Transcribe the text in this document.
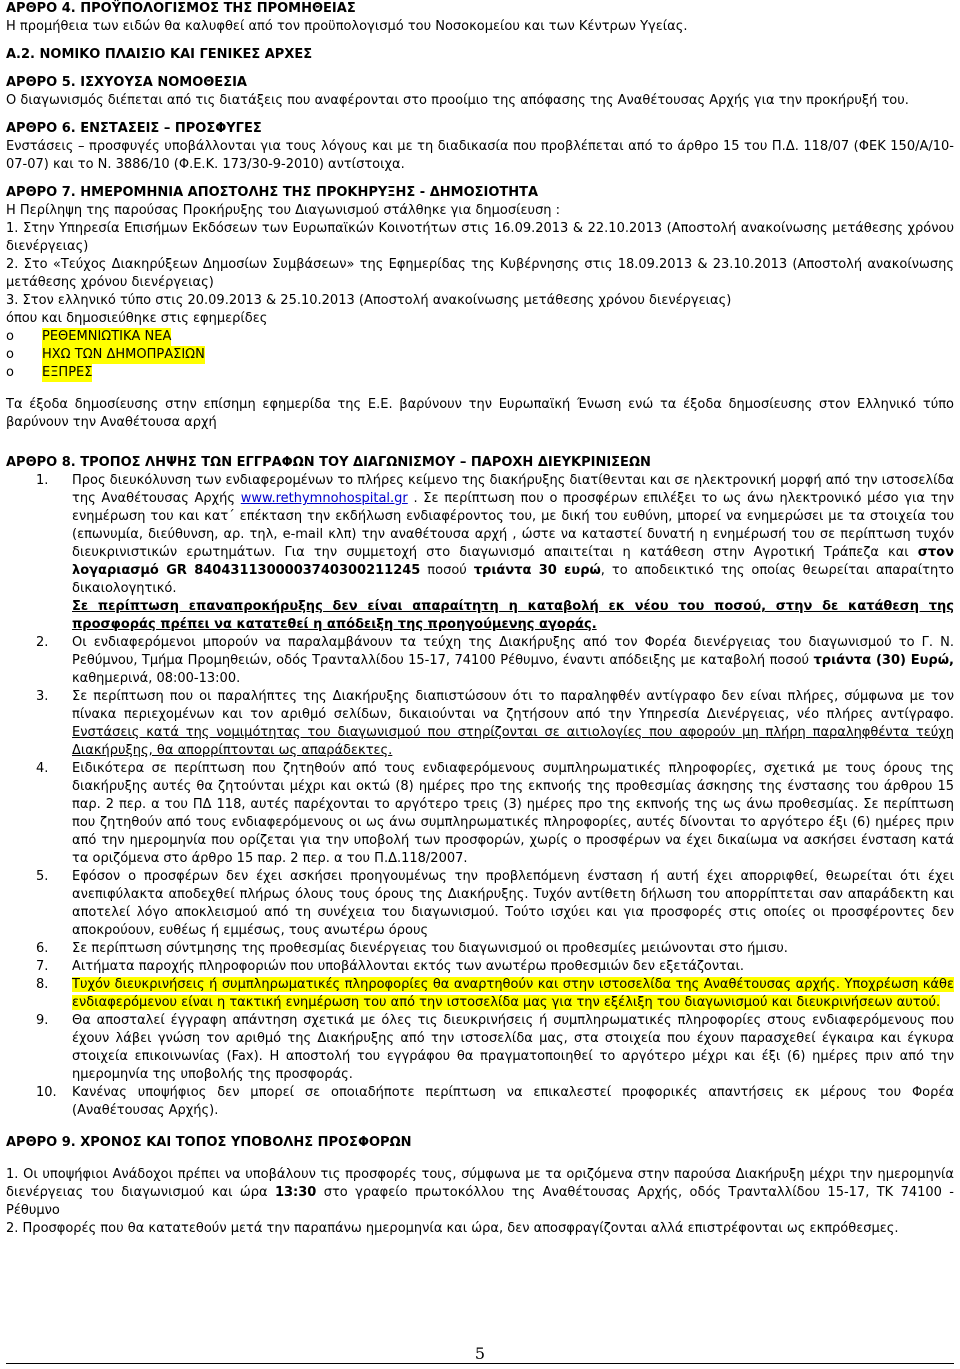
ΑΡΘΡΟ 4. ΠΡΟΫΠΟΛΟΓΙΣΜΟΣ ΤΗΣ ΠΡΟΜΗΘΕΙΑΣ

Η προμήθεια των ειδών θα καλυφθεί από τον προϋπολογισμό του Νοσοκομείου και των Κέντρων Υγείας.

Α.2. ΝΟΜΙΚΟ ΠΛΑΙΣΙΟ ΚΑΙ ΓΕΝΙΚΕΣ ΑΡΧΕΣ

ΑΡΘΡΟ 5. ΙΣΧΥΟΥΣΑ ΝΟΜΟΘΕΣΙΑ

Ο διαγωνισμός διέπεται από τις διατάξεις που αναφέρονται στο προοίμιο της απόφασης της Αναθέτουσας Αρχής για την προκήρυξή του.

ΑΡΘΡΟ 6. ΕΝΣΤΑΣΕΙΣ – ΠΡΟΣΦΥΓΕΣ

Ενστάσεις – προσφυγές υποβάλλονται για τους λόγους και με τη διαδικασία που προβλέπεται από το άρθρο 15 του Π.Δ. 118/07 (ΦΕΚ 150/Α/10-07-07) και το Ν. 3886/10 (Φ.Ε.Κ. 173/30-9-2010) αντίστοιχα.

ΑΡΘΡΟ 7. ΗΜΕΡΟΜΗΝΙΑ ΑΠΟΣΤΟΛΗΣ ΤΗΣ ΠΡΟΚΗΡΥΞΗΣ - ΔΗΜΟΣΙΟΤΗΤΑ

Η Περίληψη της παρούσας Προκήρυξης του Διαγωνισμού στάλθηκε για δημοσίευση :

1. Στην Υπηρεσία Επισήμων Εκδόσεων των Ευρωπαϊκών Κοινοτήτων στις 16.09.2013 & 22.10.2013 (Αποστολή ανακοίνωσης μετάθεσης χρόνου διενέργειας)

2. Στο «Τεύχος Διακηρύξεων Δημοσίων Συμβάσεων» της Εφημερίδας της Κυβέρνησης στις 18.09.2013 & 23.10.2013 (Αποστολή ανακοίνωσης μετάθεσης χρόνου διενέργειας)

3. Στον ελληνικό τύπο στις 20.09.2013 & 25.10.2013 (Αποστολή ανακοίνωσης μετάθεσης χρόνου διενέργειας)

όπου και δημοσιεύθηκε στις εφημερίδες

o	ΡΕΘΕΜΝΙΩΤΙΚΑ ΝΕΑ
o	ΗΧΩ ΤΩΝ ΔΗΜΟΠΡΑΣΙΩΝ
o	ΕΞΠΡΕΣ

Τα έξοδα δημοσίευσης στην επίσημη εφημερίδα της Ε.Ε. βαρύνουν την Ευρωπαϊκή Ένωση ενώ τα έξοδα δημοσίευσης στον Ελληνικό τύπο βαρύνουν την Αναθέτουσα αρχή

ΑΡΘΡΟ 8. ΤΡΟΠΟΣ ΛΗΨΗΣ ΤΩΝ ΕΓΓΡΑΦΩΝ ΤΟΥ ΔΙΑΓΩΝΙΣΜΟΥ – ΠΑΡΟΧΗ ΔΙΕΥΚΡΙΝΙΣΕΩΝ

1.	Προς διευκόλυνση των ενδιαφερομένων το πλήρες κείμενο της διακήρυξης διατίθενται και σε ηλεκτρονική μορφή από την ιστοσελίδα της Αναθέτουσας Αρχής www.rethymnohospital.gr . Σε περίπτωση που ο προσφέρων επιλέξει το ως άνω ηλεκτρονικό μέσο για την ενημέρωση του και κατ΄ επέκταση την εκδήλωση ενδιαφέροντος του, με δική του ευθύνη, μπορεί να ενημερώσει με τα στοιχεία του (επωνυμία, διεύθυνση, αρ. τηλ, e-mail κλπ) την αναθέτουσα αρχή , ώστε να καταστεί δυνατή η ενημέρωσή του σε περίπτωση τυχόν διευκρινιστικών ερωτημάτων. Για την συμμετοχή στο διαγωνισμό απαιτείται η κατάθεση στην Αγροτική Τράπεζα και στον λογαριασμό GR 8404311300003740300211245 ποσού τριάντα 30 ευρώ, το αποδεικτικό της οποίας θεωρείται απαραίτητο δικαιολογητικό.
Σε περίπτωση επαναπροκήρυξης δεν είναι απαραίτητη η καταβολή εκ νέου του ποσού, στην δε κατάθεση της προσφοράς πρέπει να κατατεθεί η απόδειξη της προηγούμενης αγοράς.
2.	Οι ενδιαφερόμενοι μπορούν να παραλαμβάνουν τα τεύχη της Διακήρυξης από τον Φορέα διενέργειας του διαγωνισμού το Γ. Ν. Ρεθύμνου, Τμήμα Προμηθειών, οδός Τρανταλλίδου 15-17, 74100 Ρέθυμνο, έναντι απόδειξης με καταβολή ποσού τριάντα (30) Ευρώ, καθημερινά, 08:00-13:00.
3.	Σε περίπτωση που οι παραλήπτες της Διακήρυξης διαπιστώσουν ότι το παραληφθέν αντίγραφο δεν είναι πλήρες, σύμφωνα με τον πίνακα περιεχομένων και τον αριθμό σελίδων, δικαιούνται να ζητήσουν από την Υπηρεσία Διενέργειας, νέο πλήρες αντίγραφο. Ενστάσεις κατά της νομιμότητας του διαγωνισμού που στηρίζονται σε αιτιολογίες που αφορούν μη πλήρη παραληφθέντα τεύχη Διακήρυξης, θα απορρίπτονται ως απαράδεκτες.
4.	Ειδικότερα σε περίπτωση που ζητηθούν από τους ενδιαφερόμενους συμπληρωματικές πληροφορίες, σχετικά με τους όρους της διακήρυξης αυτές θα ζητούνται μέχρι και οκτώ (8) ημέρες προ της εκπνοής της προθεσμίας άσκησης της ένστασης του άρθρου 15 παρ. 2 περ. α του ΠΔ 118, αυτές παρέχονται το αργότερο τρεις (3) ημέρες προ της εκπνοής της ως άνω προθεσμίας. Σε περίπτωση που ζητηθούν από τους ενδιαφερόμενους οι ως άνω συμπληρωματικές πληροφορίες, αυτές δίνονται το αργότερο έξι (6) ημέρες πριν από την ημερομηνία που ορίζεται για την υποβολή των προσφορών, χωρίς ο προσφέρων να έχει δικαίωμα να ασκήσει ένσταση κατά τα οριζόμενα στο άρθρο 15 παρ. 2 περ. α του Π.Δ.118/2007.
5.	Εφόσον ο προσφέρων δεν έχει ασκήσει προηγουμένως την προβλεπόμενη ένσταση ή αυτή έχει απορριφθεί, θεωρείται ότι έχει ανεπιφύλακτα αποδεχθεί πλήρως όλους τους όρους της Διακήρυξης. Τυχόν αντίθετη δήλωση του απορρίπτεται σαν απαράδεκτη και αποτελεί λόγο αποκλεισμού από τη συνέχεια του διαγωνισμού. Τούτο ισχύει και για προσφορές στις οποίες οι προσφέροντες δεν αποκρούουν, ευθέως ή εμμέσως, τους ανωτέρω όρους
6.	Σε περίπτωση σύντμησης της προθεσμίας διενέργειας του διαγωνισμού οι προθεσμίες μειώνονται στο ήμισυ.
7.	Αιτήματα παροχής πληροφοριών που υποβάλλονται εκτός των ανωτέρω προθεσμιών δεν εξετάζονται.
8.	Τυχόν διευκρινήσεις ή συμπληρωματικές πληροφορίες θα αναρτηθούν και στην ιστοσελίδα της Αναθέτουσας αρχής. Υποχρέωση κάθε ενδιαφερόμενου είναι η τακτική ενημέρωση του από την ιστοσελίδα μας για την εξέλιξη του διαγωνισμού και διευκρινήσεων αυτού.
9.	Θα αποσταλεί έγγραφη απάντηση σχετικά με όλες τις διευκρινήσεις ή συμπληρωματικές πληροφορίες στους ενδιαφερόμενους που έχουν λάβει γνώση τον αριθμό της Διακήρυξης από την ιστοσελίδα μας, στα στοιχεία που έχουν παρασχεθεί έγκαιρα και έγκυρα στοιχεία επικοινωνίας (Fax). Η αποστολή του εγγράφου θα πραγματοποιηθεί το αργότερο μέχρι και έξι (6) ημέρες πριν από την ημερομηνία της υποβολής της προσφοράς.
10.	Κανένας υποψήφιος δεν μπορεί σε οποιαδήποτε περίπτωση να επικαλεστεί προφορικές απαντήσεις εκ μέρους του Φορέα (Αναθέτουσας Αρχής).

ΑΡΘΡΟ 9. ΧΡΟΝΟΣ ΚΑΙ ΤΟΠΟΣ ΥΠΟΒΟΛΗΣ ΠΡΟΣΦΟΡΩΝ

1. Οι υποψήφιοι Ανάδοχοι πρέπει να υποβάλουν τις προσφορές τους, σύμφωνα με τα οριζόμενα στην παρούσα Διακήρυξη μέχρι την ημερομηνία διενέργειας του διαγωνισμού και ώρα 13:30 στο γραφείο πρωτοκόλλου της Αναθέτουσας Αρχής, οδός Τρανταλλίδου 15-17, ΤΚ 74100 - Ρέθυμνο

2. Προσφορές που θα κατατεθούν μετά την παραπάνω ημερομηνία και ώρα, δεν αποσφραγίζονται αλλά επιστρέφονται ως εκπρόθεσμες.

5
